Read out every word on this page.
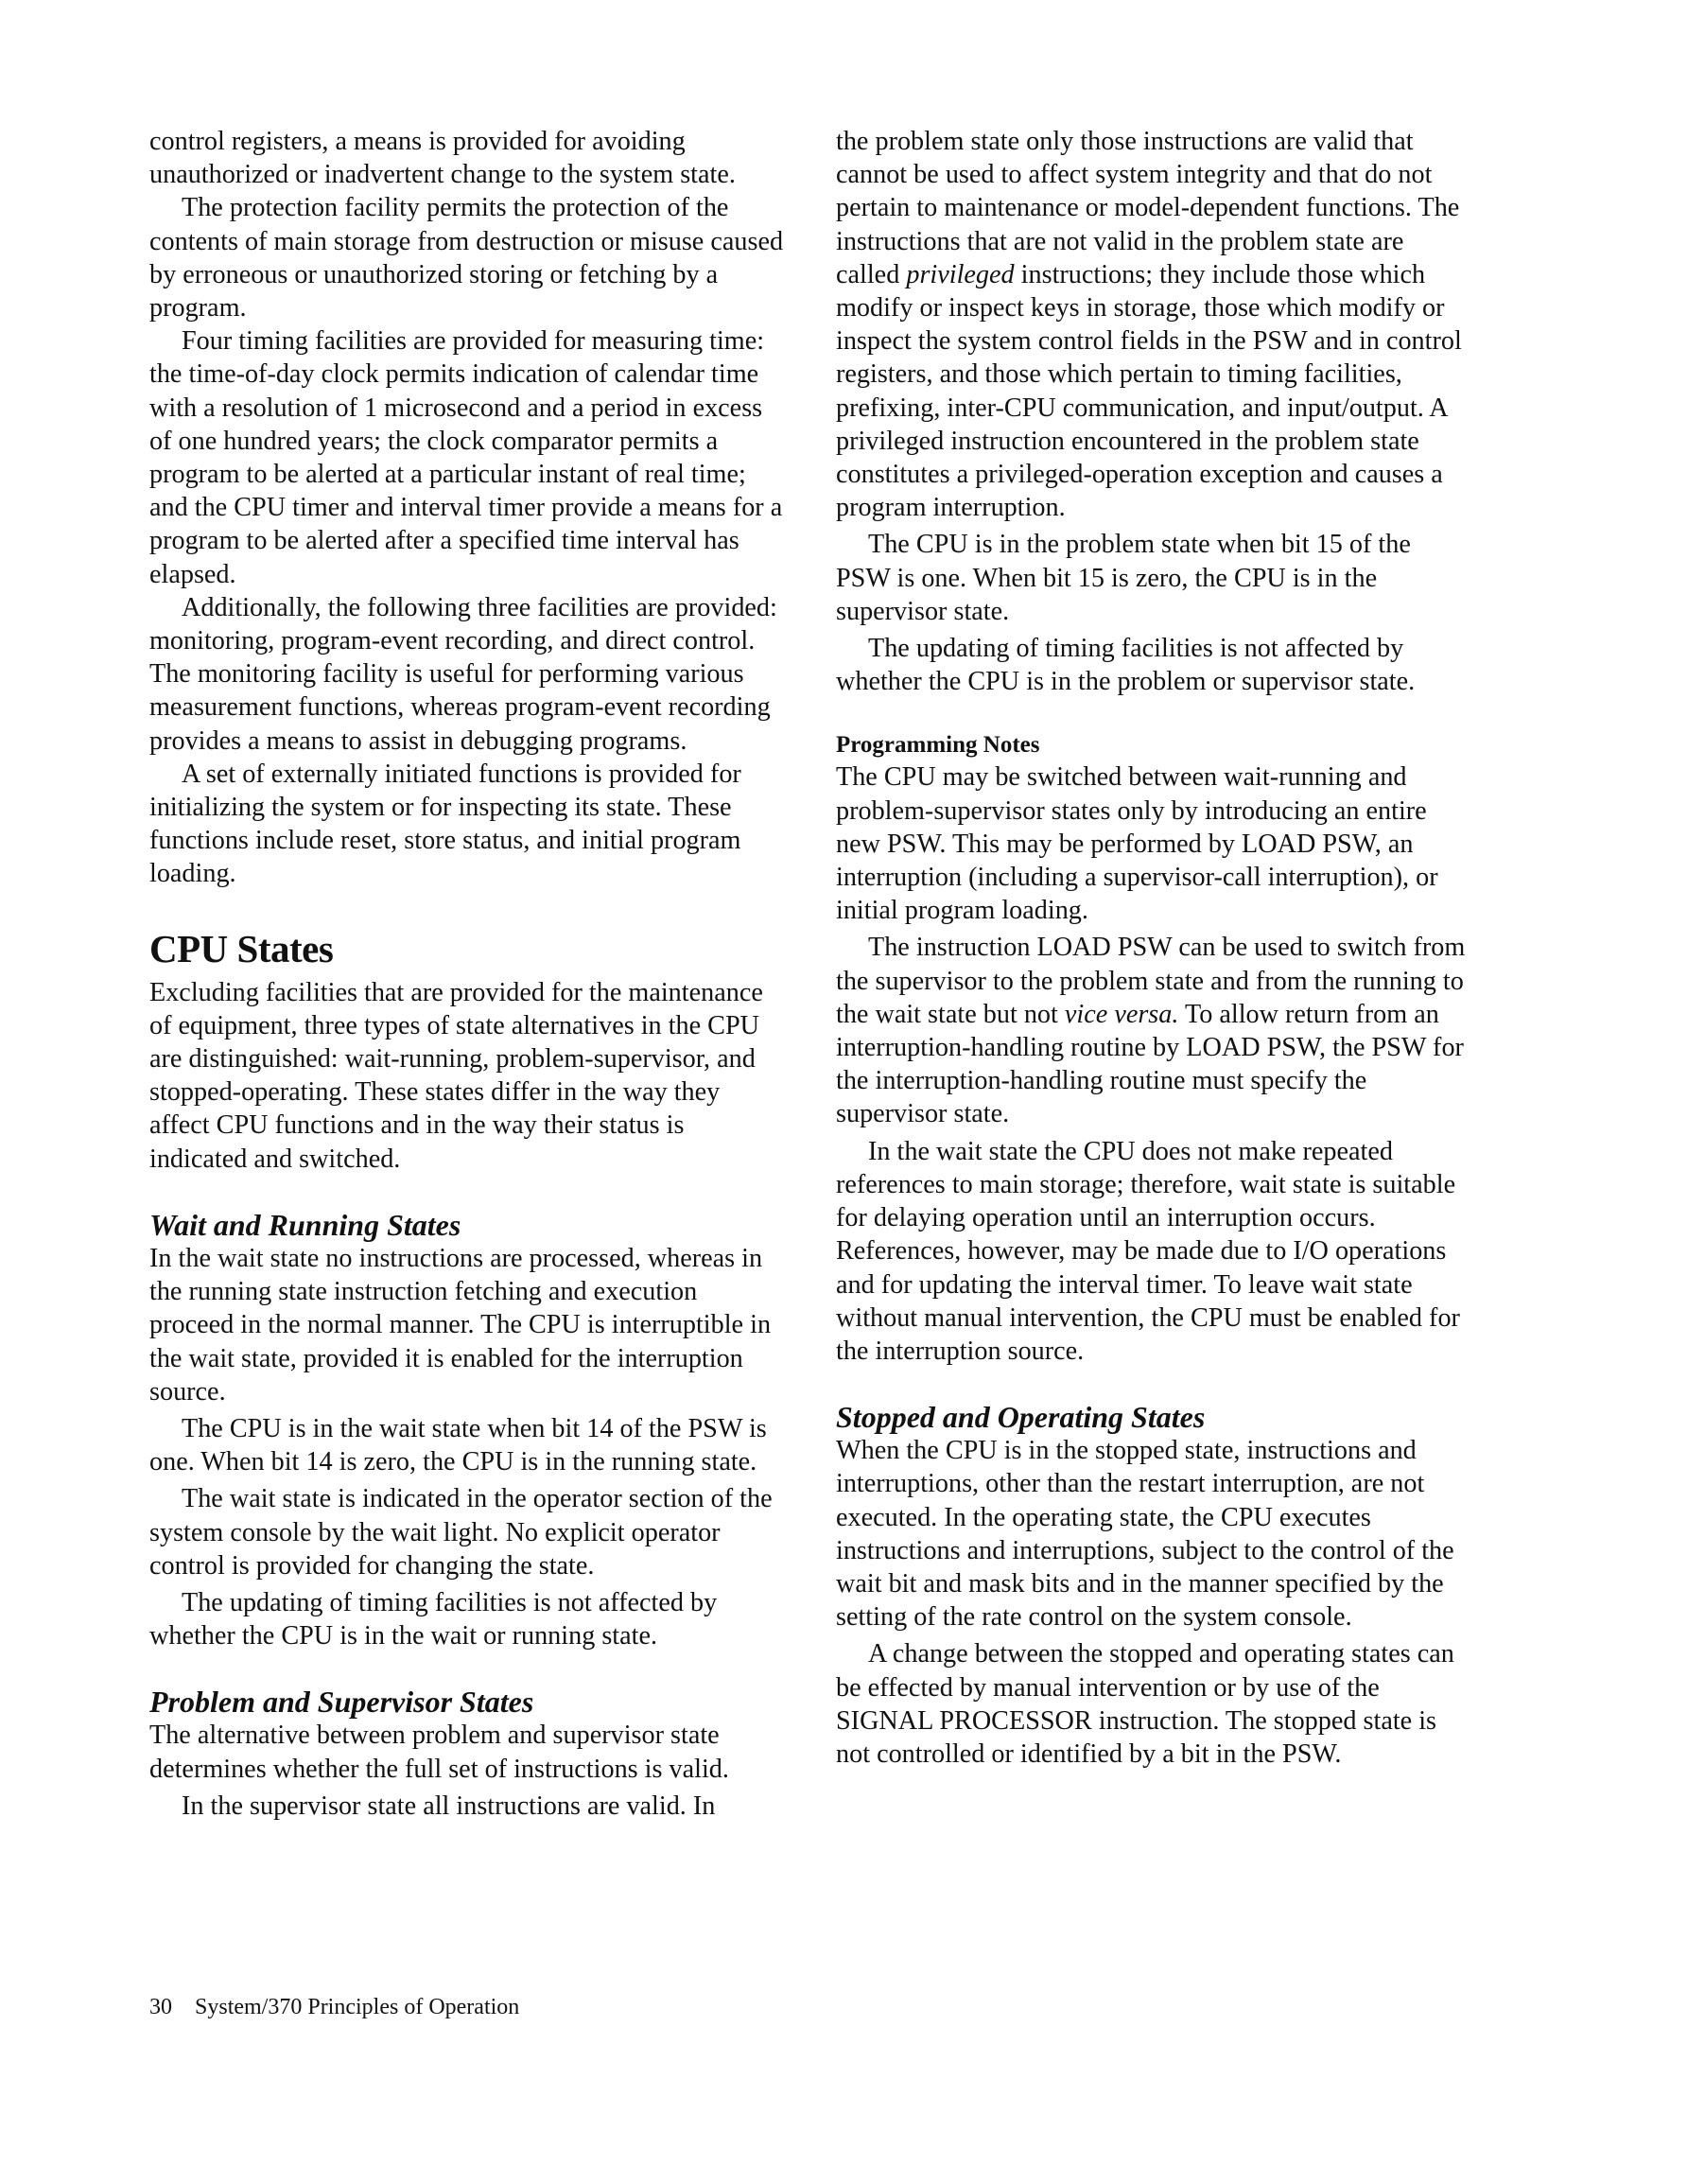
control registers, a means is provided for avoiding unauthorized or inadvertent change to the system state.

The protection facility permits the protection of the contents of main storage from destruction or misuse caused by erroneous or unauthorized storing or fetching by a program.

Four timing facilities are provided for measuring time: the time-of-day clock permits indication of calendar time with a resolution of 1 microsecond and a period in excess of one hundred years; the clock comparator permits a program to be alerted at a particular instant of real time; and the CPU timer and interval timer provide a means for a program to be alerted after a specified time interval has elapsed.

Additionally, the following three facilities are provided: monitoring, program-event recording, and direct control. The monitoring facility is useful for performing various measurement functions, whereas program-event recording provides a means to assist in debugging programs.

A set of externally initiated functions is provided for initializing the system or for inspecting its state. These functions include reset, store status, and initial program loading.

CPU States

Excluding facilities that are provided for the maintenance of equipment, three types of state alternatives in the CPU are distinguished: wait-running, problem-supervisor, and stopped-operating. These states differ in the way they affect CPU functions and in the way their status is indicated and switched.

Wait and Running States

In the wait state no instructions are processed, whereas in the running state instruction fetching and execution proceed in the normal manner. The CPU is interruptible in the wait state, provided it is enabled for the interruption source.

The CPU is in the wait state when bit 14 of the PSW is one. When bit 14 is zero, the CPU is in the running state.

The wait state is indicated in the operator section of the system console by the wait light. No explicit operator control is provided for changing the state.

The updating of timing facilities is not affected by whether the CPU is in the wait or running state.

Problem and Supervisor States

The alternative between problem and supervisor state determines whether the full set of instructions is valid.

In the supervisor state all instructions are valid. In

the problem state only those instructions are valid that cannot be used to affect system integrity and that do not pertain to maintenance or model-dependent functions. The instructions that are not valid in the problem state are called privileged instructions; they include those which modify or inspect keys in storage, those which modify or inspect the system control fields in the PSW and in control registers, and those which pertain to timing facilities, prefixing, inter-CPU communication, and input/output. A privileged instruction encountered in the problem state constitutes a privileged-operation exception and causes a program interruption.

The CPU is in the problem state when bit 15 of the PSW is one. When bit 15 is zero, the CPU is in the supervisor state.

The updating of timing facilities is not affected by whether the CPU is in the problem or supervisor state.

Programming Notes

The CPU may be switched between wait-running and problem-supervisor states only by introducing an entire new PSW. This may be performed by LOAD PSW, an interruption (including a supervisor-call interruption), or initial program loading.

The instruction LOAD PSW can be used to switch from the supervisor to the problem state and from the running to the wait state but not vice versa. To allow return from an interruption-handling routine by LOAD PSW, the PSW for the interruption-handling routine must specify the supervisor state.

In the wait state the CPU does not make repeated references to main storage; therefore, wait state is suitable for delaying operation until an interruption occurs. References, however, may be made due to I/O operations and for updating the interval timer. To leave wait state without manual intervention, the CPU must be enabled for the interruption source.

Stopped and Operating States

When the CPU is in the stopped state, instructions and interruptions, other than the restart interruption, are not executed. In the operating state, the CPU executes instructions and interruptions, subject to the control of the wait bit and mask bits and in the manner specified by the setting of the rate control on the system console.

A change between the stopped and operating states can be effected by manual intervention or by use of the SIGNAL PROCESSOR instruction. The stopped state is not controlled or identified by a bit in the PSW.

30 System/370 Principles of Operation
